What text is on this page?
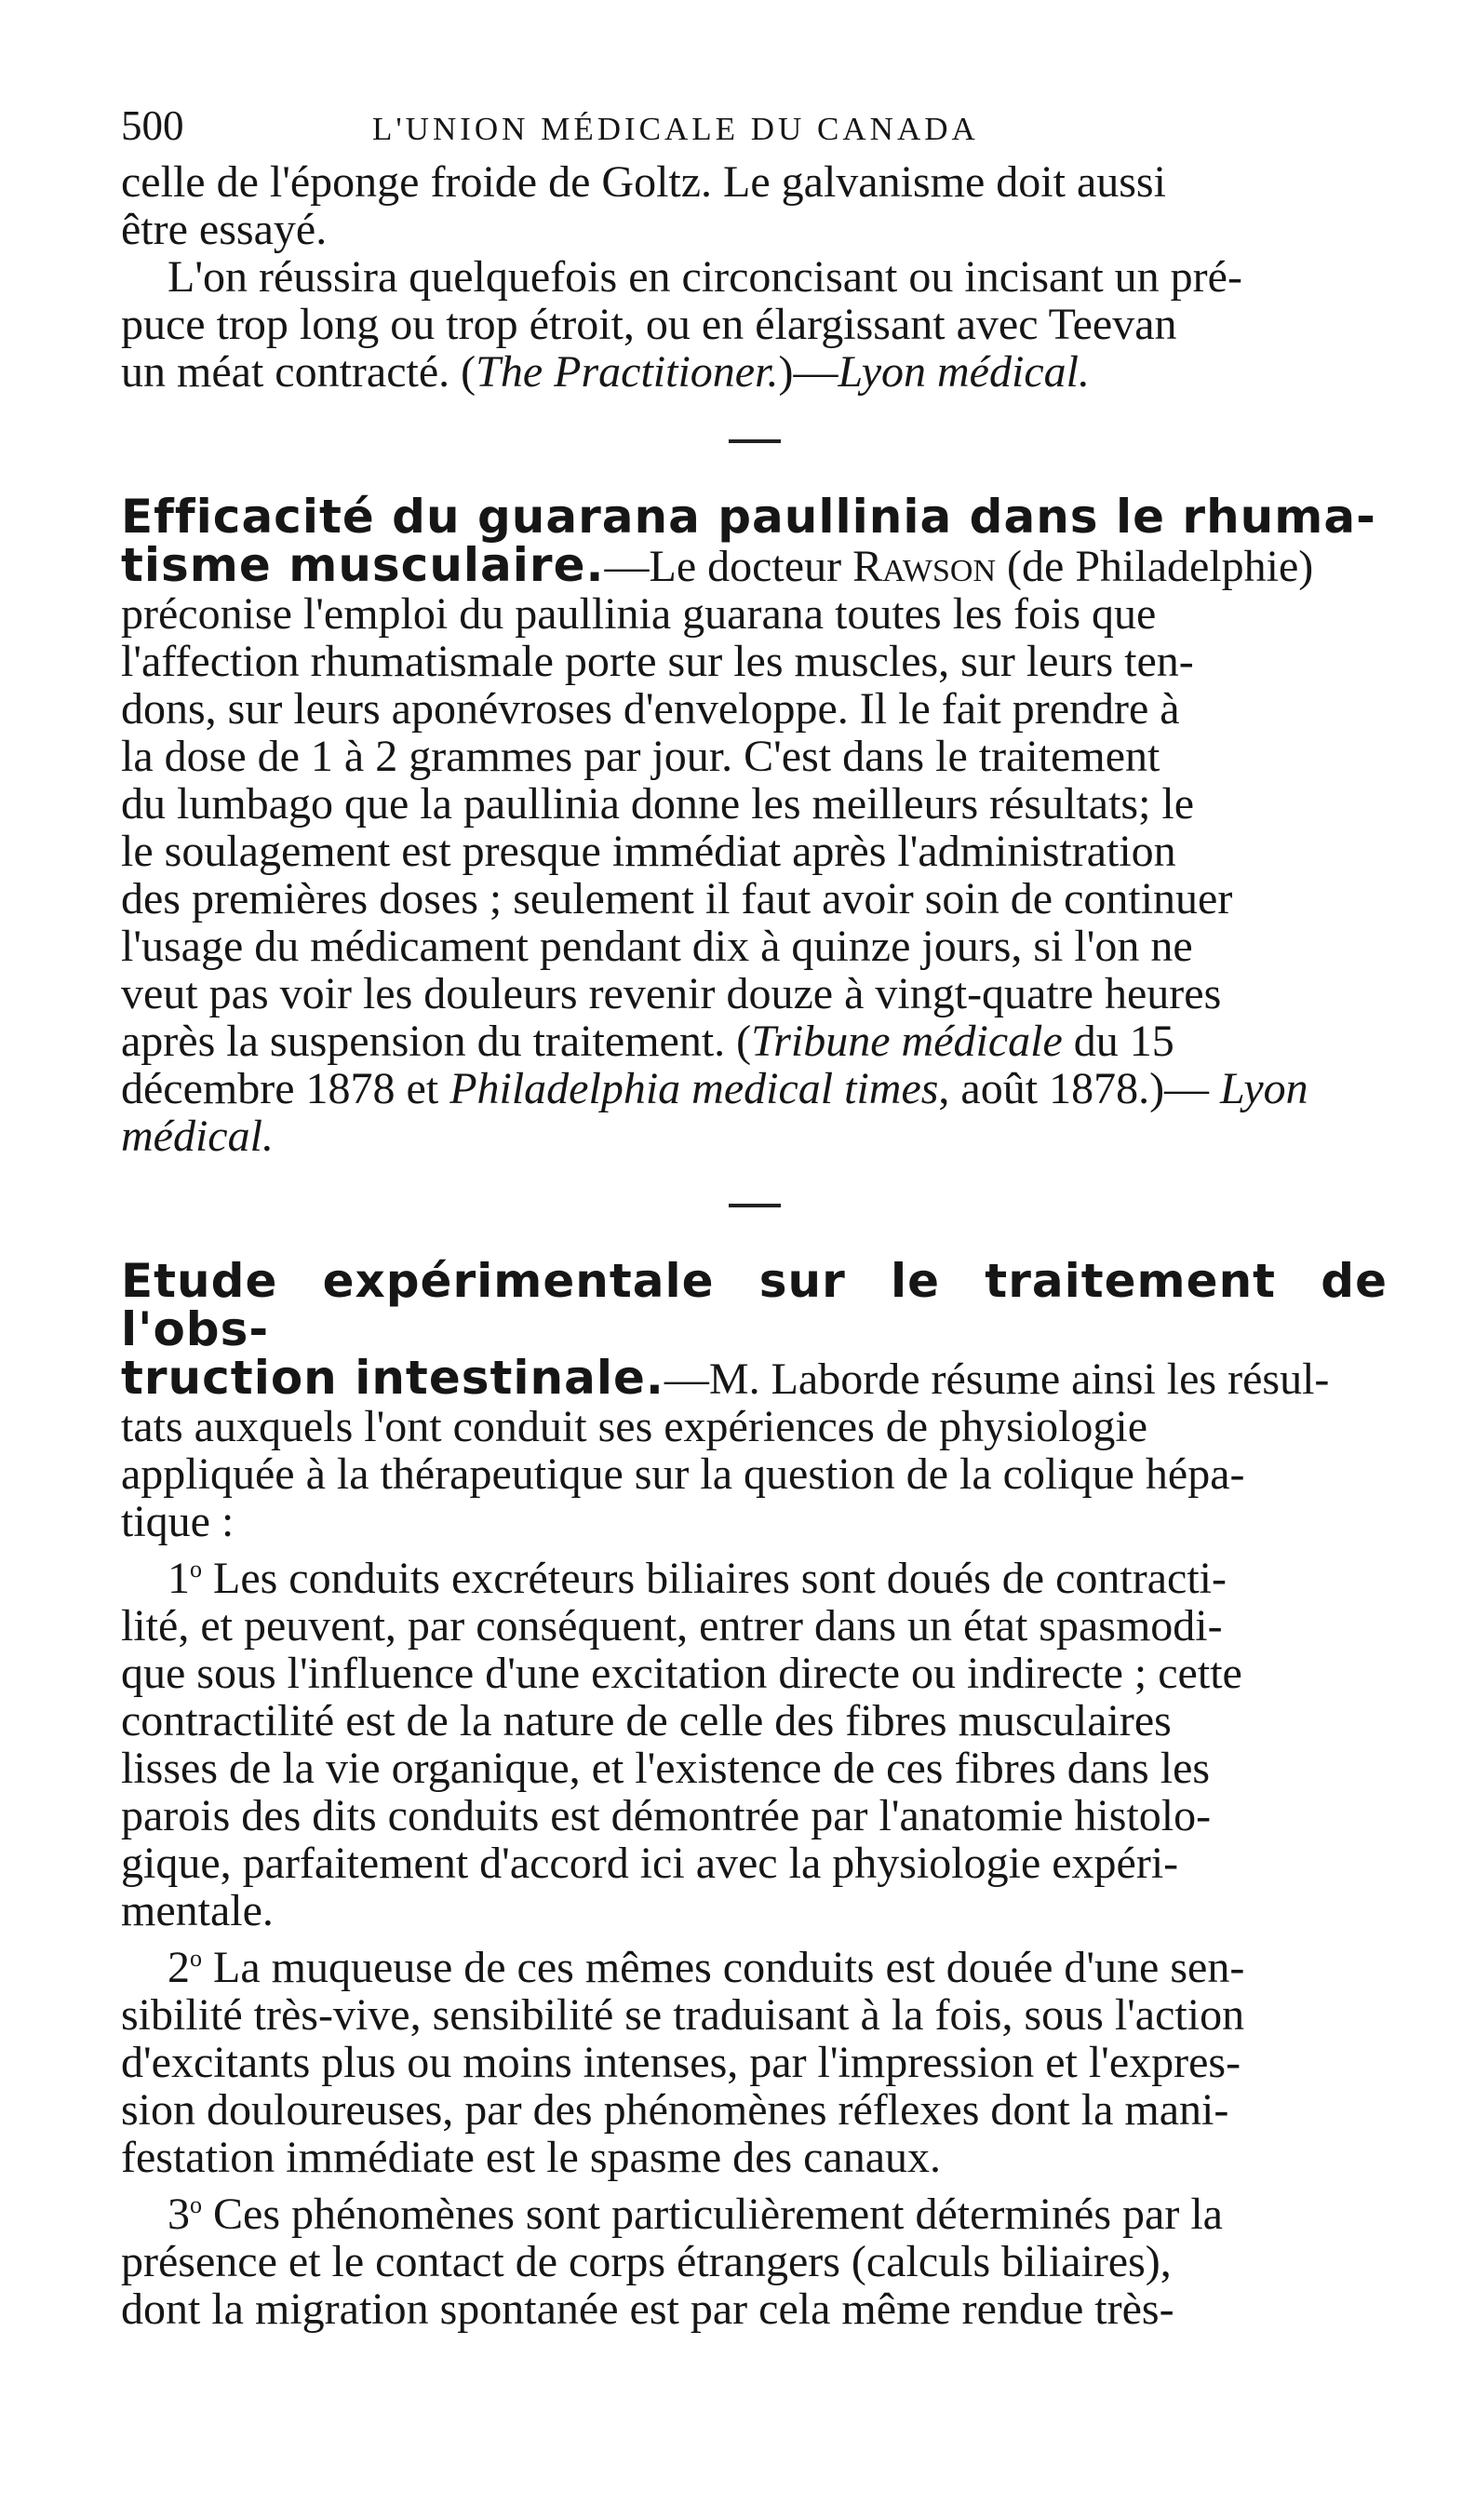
500	L'UNION MÉDICALE DU CANADA

celle de l'éponge froide de Goltz. Le galvanisme doit aussi
être essayé.

L'on réussira quelquefois en circoncisant ou incisant un pré-
puce trop long ou trop étroit, ou en élargissant avec Teevan
un méat contracté. (The Practitioner.)—Lyon médical.

Efficacité du guarana paullinia dans le rhuma-
tisme musculaire.—Le docteur Rawson (de Philadelphie)
préconise l'emploi du paullinia guarana toutes les fois que
l'affection rhumatismale porte sur les muscles, sur leurs ten-
dons, sur leurs aponévroses d'enveloppe. Il le fait prendre à
la dose de 1 à 2 grammes par jour. C'est dans le traitement
du lumbago que la paullinia donne les meilleurs résultats; le
le soulagement est presque immédiat après l'administration
des premières doses ; seulement il faut avoir soin de continuer
l'usage du médicament pendant dix à quinze jours, si l'on ne
veut pas voir les douleurs revenir douze à vingt-quatre heures
après la suspension du traitement. (Tribune médicale du 15
décembre 1878 et Philadelphia medical times, août 1878.)— Lyon
médical.

Etude expérimentale sur le traitement de l'obs-
truction intestinale.—M. Laborde résume ainsi les résul-
tats auxquels l'ont conduit ses expériences de physiologie
appliquée à la thérapeutique sur la question de la colique hépa-
tique :

1$^o$ Les conduits excréteurs biliaires sont doués de contracti-
lité, et peuvent, par conséquent, entrer dans un état spasmodi-
que sous l'influence d'une excitation directe ou indirecte ; cette
contractilité est de la nature de celle des fibres musculaires
lisses de la vie organique, et l'existence de ces fibres dans les
parois des dits conduits est démontrée par l'anatomie histolo-
gique, parfaitement d'accord ici avec la physiologie expéri-
mentale.

2$^o$ La muqueuse de ces mêmes conduits est douée d'une sen-
sibilité très-vive, sensibilité se traduisant à la fois, sous l'action
d'excitants plus ou moins intenses, par l'impression et l'expres-
sion douloureuses, par des phénomènes réflexes dont la mani-
festation immédiate est le spasme des canaux.

3$^o$ Ces phénomènes sont particulièrement déterminés par la
présence et le contact de corps étrangers (calculs biliaires),
dont la migration spontanée est par cela même rendue très-
